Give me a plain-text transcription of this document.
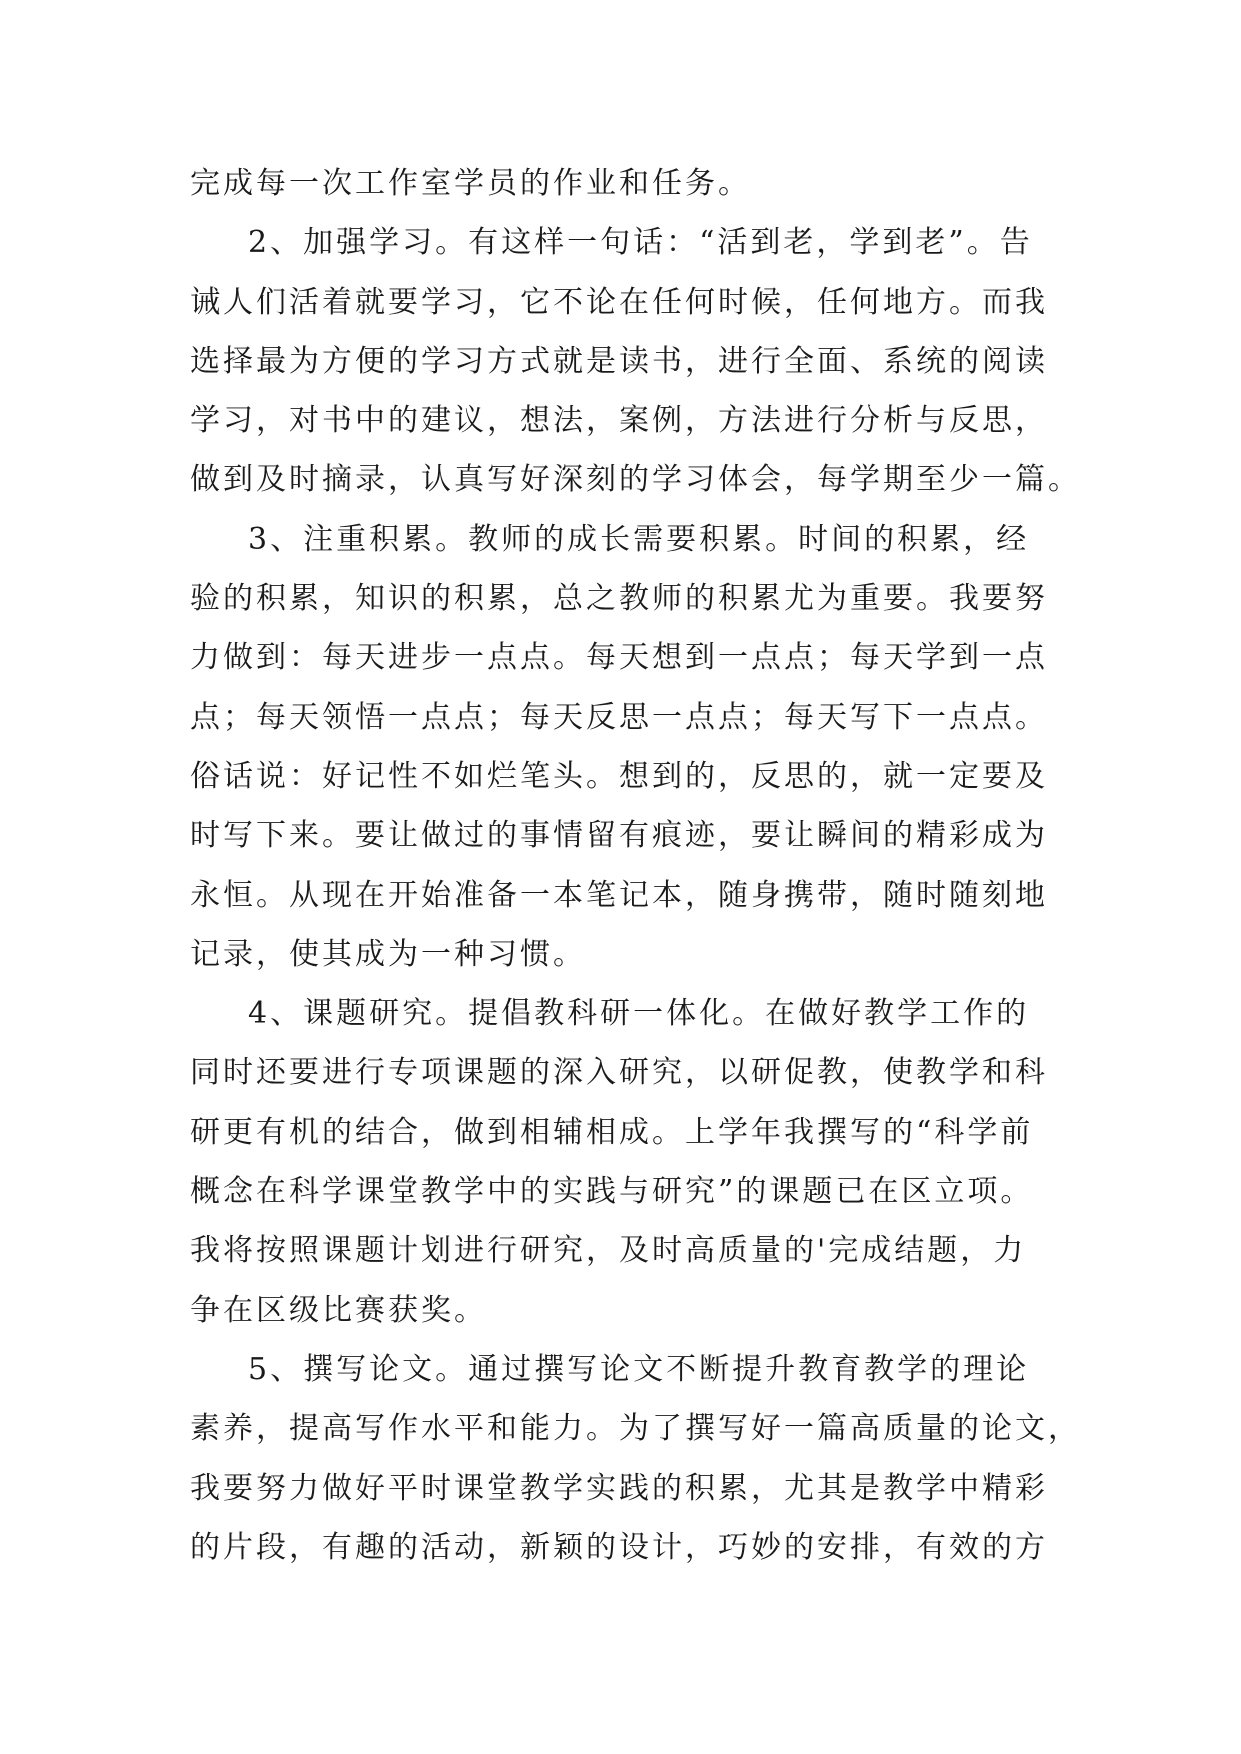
完成每一次工作室学员的作业和任务。
2、加强学习。有这样一句话：“活到老，学到老”。告
诫人们活着就要学习，它不论在任何时候，任何地方。而我
选择最为方便的学习方式就是读书，进行全面、系统的阅读
学习，对书中的建议，想法，案例，方法进行分析与反思，
做到及时摘录，认真写好深刻的学习体会，每学期至少一篇。
3、注重积累。教师的成长需要积累。时间的积累，经
验的积累，知识的积累，总之教师的积累尤为重要。我要努
力做到：每天进步一点点。每天想到一点点；每天学到一点
点；每天领悟一点点；每天反思一点点；每天写下一点点。
俗话说：好记性不如烂笔头。想到的，反思的，就一定要及
时写下来。要让做过的事情留有痕迹，要让瞬间的精彩成为
永恒。从现在开始准备一本笔记本，随身携带，随时随刻地
记录，使其成为一种习惯。
4、课题研究。提倡教科研一体化。在做好教学工作的
同时还要进行专项课题的深入研究，以研促教，使教学和科
研更有机的结合，做到相辅相成。上学年我撰写的“科学前
概念在科学课堂教学中的实践与研究”的课题已在区立项。
我将按照课题计划进行研究，及时高质量的'完成结题，力
争在区级比赛获奖。
5、撰写论文。通过撰写论文不断提升教育教学的理论
素养，提高写作水平和能力。为了撰写好一篇高质量的论文，
我要努力做好平时课堂教学实践的积累，尤其是教学中精彩
的片段，有趣的活动，新颖的设计，巧妙的安排，有效的方
